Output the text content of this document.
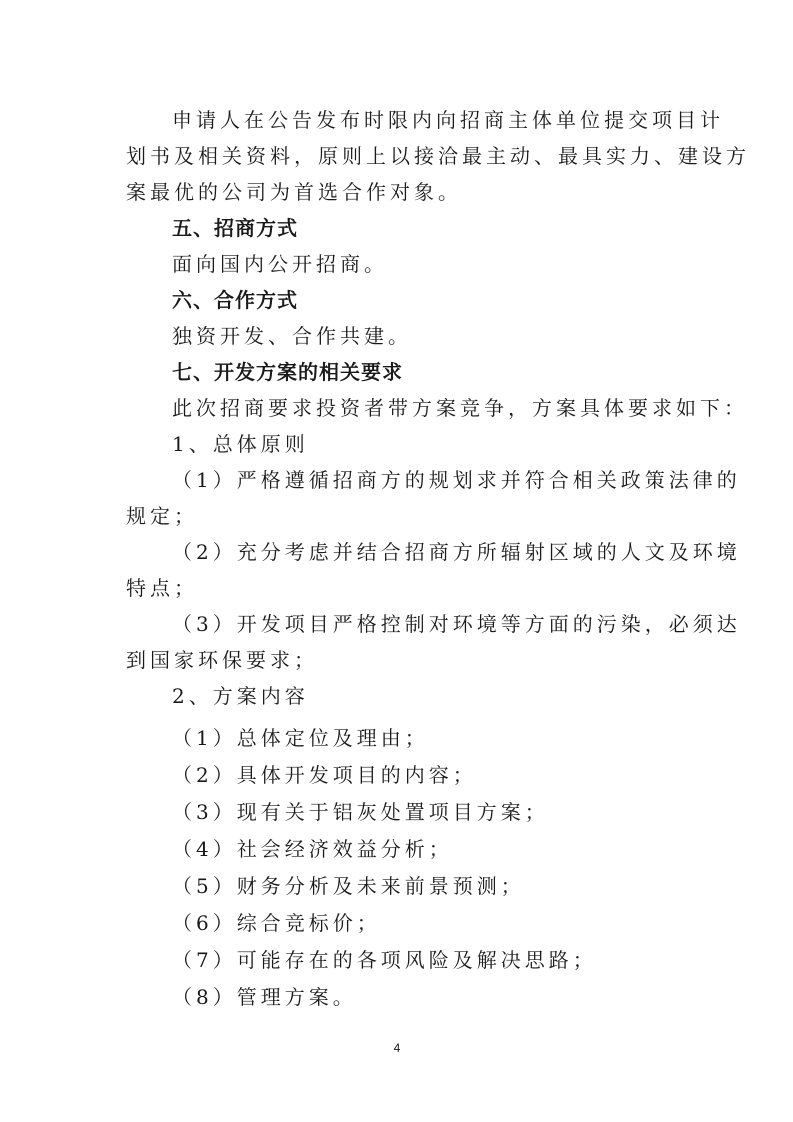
申请人在公告发布时限内向招商主体单位提交项目计
划书及相关资料，原则上以接洽最主动、最具实力、建设方
案最优的公司为首选合作对象。
五、招商方式
面向国内公开招商。
六、合作方式
独资开发、合作共建。
七、开发方案的相关要求
此次招商要求投资者带方案竞争，方案具体要求如下：
1、总体原则
（1）严格遵循招商方的规划求并符合相关政策法律的
规定；
（2）充分考虑并结合招商方所辐射区域的人文及环境
特点；
（3）开发项目严格控制对环境等方面的污染，必须达
到国家环保要求；
2、方案内容
（1）总体定位及理由；
（2）具体开发项目的内容；
（3）现有关于铝灰处置项目方案；
（4）社会经济效益分析；
（5）财务分析及未来前景预测；
（6）综合竞标价；
（7）可能存在的各项风险及解决思路；
（8）管理方案。
4
